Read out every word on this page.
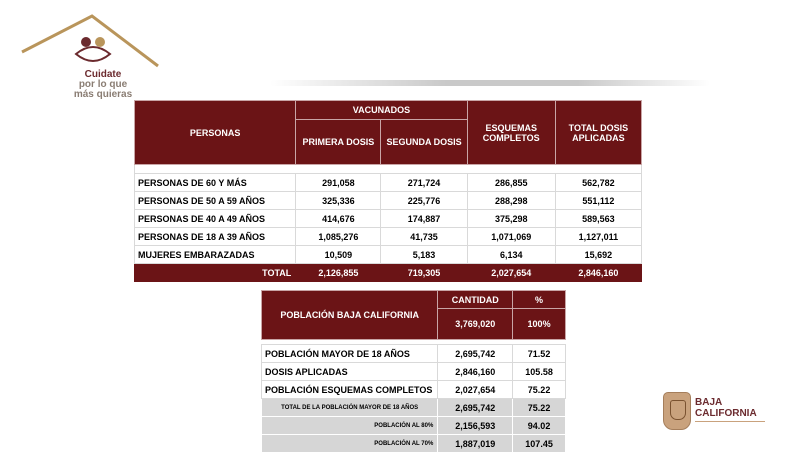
Cuidate
por lo que
más quieras
PERSONAS	VACUNADOS		ESQUEMAS COMPLETOS	TOTAL DOSIS APLICADAS
	PRIMERA DOSIS	SEGUNDA DOSIS		

PERSONAS DE 60 Y MÁS	291,058	271,724	286,855	562,782
PERSONAS DE 50 A 59 AÑOS	325,336	225,776	288,298	551,112
PERSONAS DE 40 A 49 AÑOS	414,676	174,887	375,298	589,563
PERSONAS DE 18 A 39 AÑOS	1,085,276	41,735	1,071,069	1,127,011
MUJERES EMBARAZADAS	10,509	5,183	6,134	15,692
TOTAL	2,126,855	719,305	2,027,654	2,846,160
POBLACIÓN BAJA CALIFORNIA	CANTIDAD	%
	3,769,020	100%

POBLACIÓN MAYOR DE 18 AÑOS	2,695,742	71.52
DOSIS APLICADAS	2,846,160	105.58
POBLACIÓN ESQUEMAS COMPLETOS	2,027,654	75.22
TOTAL DE LA POBLACIÓN MAYOR DE 18 AÑOS	2,695,742	75.22
POBLACIÓN AL 80%	2,156,593	94.02
POBLACIÓN AL 70%	1,887,019	107.45
BAJA
CALIFORNIA
